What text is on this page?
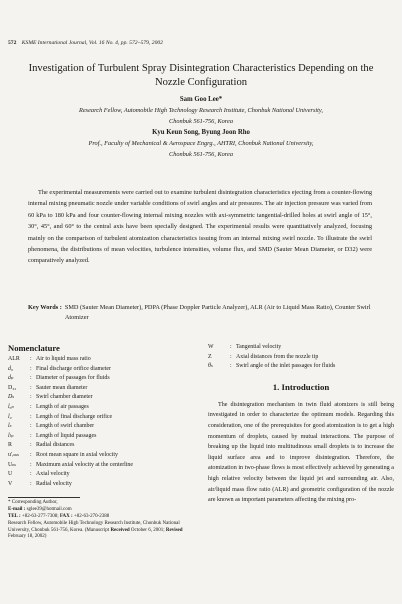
572 KSME International Journal, Vol. 16 No. 4, pp. 572~579, 2002
Investigation of Turbulent Spray Disintegration Characteristics Depending on the Nozzle Configuration
Sam Goo Lee*
Research Fellow, Automobile High Technology Research Institute, Chonbuk National University,
Chonbuk 561-756, Korea
Kyu Keun Song, Byung Joon Rho
Prof., Faculty of Mechanical & Aerospace Engrg., AHTRI, Chonbuk National University,
Chonbuk 561-756, Korea
The experimental measurements were carried out to examine turbulent disintegration characteristics ejecting from a counter-flowing internal mixing pneumatic nozzle under variable conditions of swirl angles and air pressures. The air injection pressure was varied from 60 kPa to 180 kPa and four counter-flowing internal mixing nozzles with axi-symmetric tangential-drilled holes at swirl angle of 15°, 30°, 45°, and 60° to the central axis have been specially designed. The experimental results were quantitatively analyzed, focusing mainly on the comparison of turbulent atomization characteristics issuing from an internal mixing swirl nozzle. To illustrate the swirl phenomena, the distributions of mean velocities, turbulence intensities, volume flux, and SMD (Sauter Mean Diameter, or D32) were comparatively analyzed.
Key Words : SMD (Sauter Mean Diameter), PDPA (Phase Doppler Particle Analyzer), ALR (Air to Liquid Mass Ratio), Counter Swirl Atomizer
Nomenclature
ALR	: Air to liquid mass ratio
d₀	: Final discharge orifice diameter
dₚ	: Diameter of passages for fluids
D₃₂	: Sauter mean diameter
Dₛ	: Swirl chamber diameter
lₐₚ	: Length of air passages
l₀	: Length of final discharge orifice
lₛ	: Length of swirl chamber
lₗₚ	: Length of liquid passages
R	: Radial distances
u'ᵣₘₛ	: Root mean square in axial velocity
Uₘ	: Maximum axial velocity at the centerline
U	: Axial velocity
V	: Radial velocity
* Corresponding Author,
E-mail : sglee39@hotmail.com
TEL : +82-63-277-7308; FAX : +82-63-270-2388
Research Fellow, Automobile High Technology Research Institute, Chonbuk National University, Chonbuk 561-756, Korea. (Manuscript Received October 6, 2001; Revised February 18, 2002)
W	: Tangential velocity
Z	: Axial distances from the nozzle tip
θₛ	: Swirl angle of the inlet passages for fluids
1. Introduction
The disintegration mechanism in twin fluid atomizers is still being investigated in order to characterize the optimum models. Regarding this consideration, one of the prerequisites for good atomization is to get a high momentum of droplets, caused by mutual interactions. The purpose of breaking up the liquid into multitudinous small droplets is to increase the liquid surface area and to improve disintegration. Therefore, the atomization in two-phase flows is most effectively achieved by generating a high relative velocity between the liquid jet and surrounding air. Also, air/liquid mass flow ratio (ALR) and geometric configuration of the nozzle are known as important parameters affecting the mixing pro-
